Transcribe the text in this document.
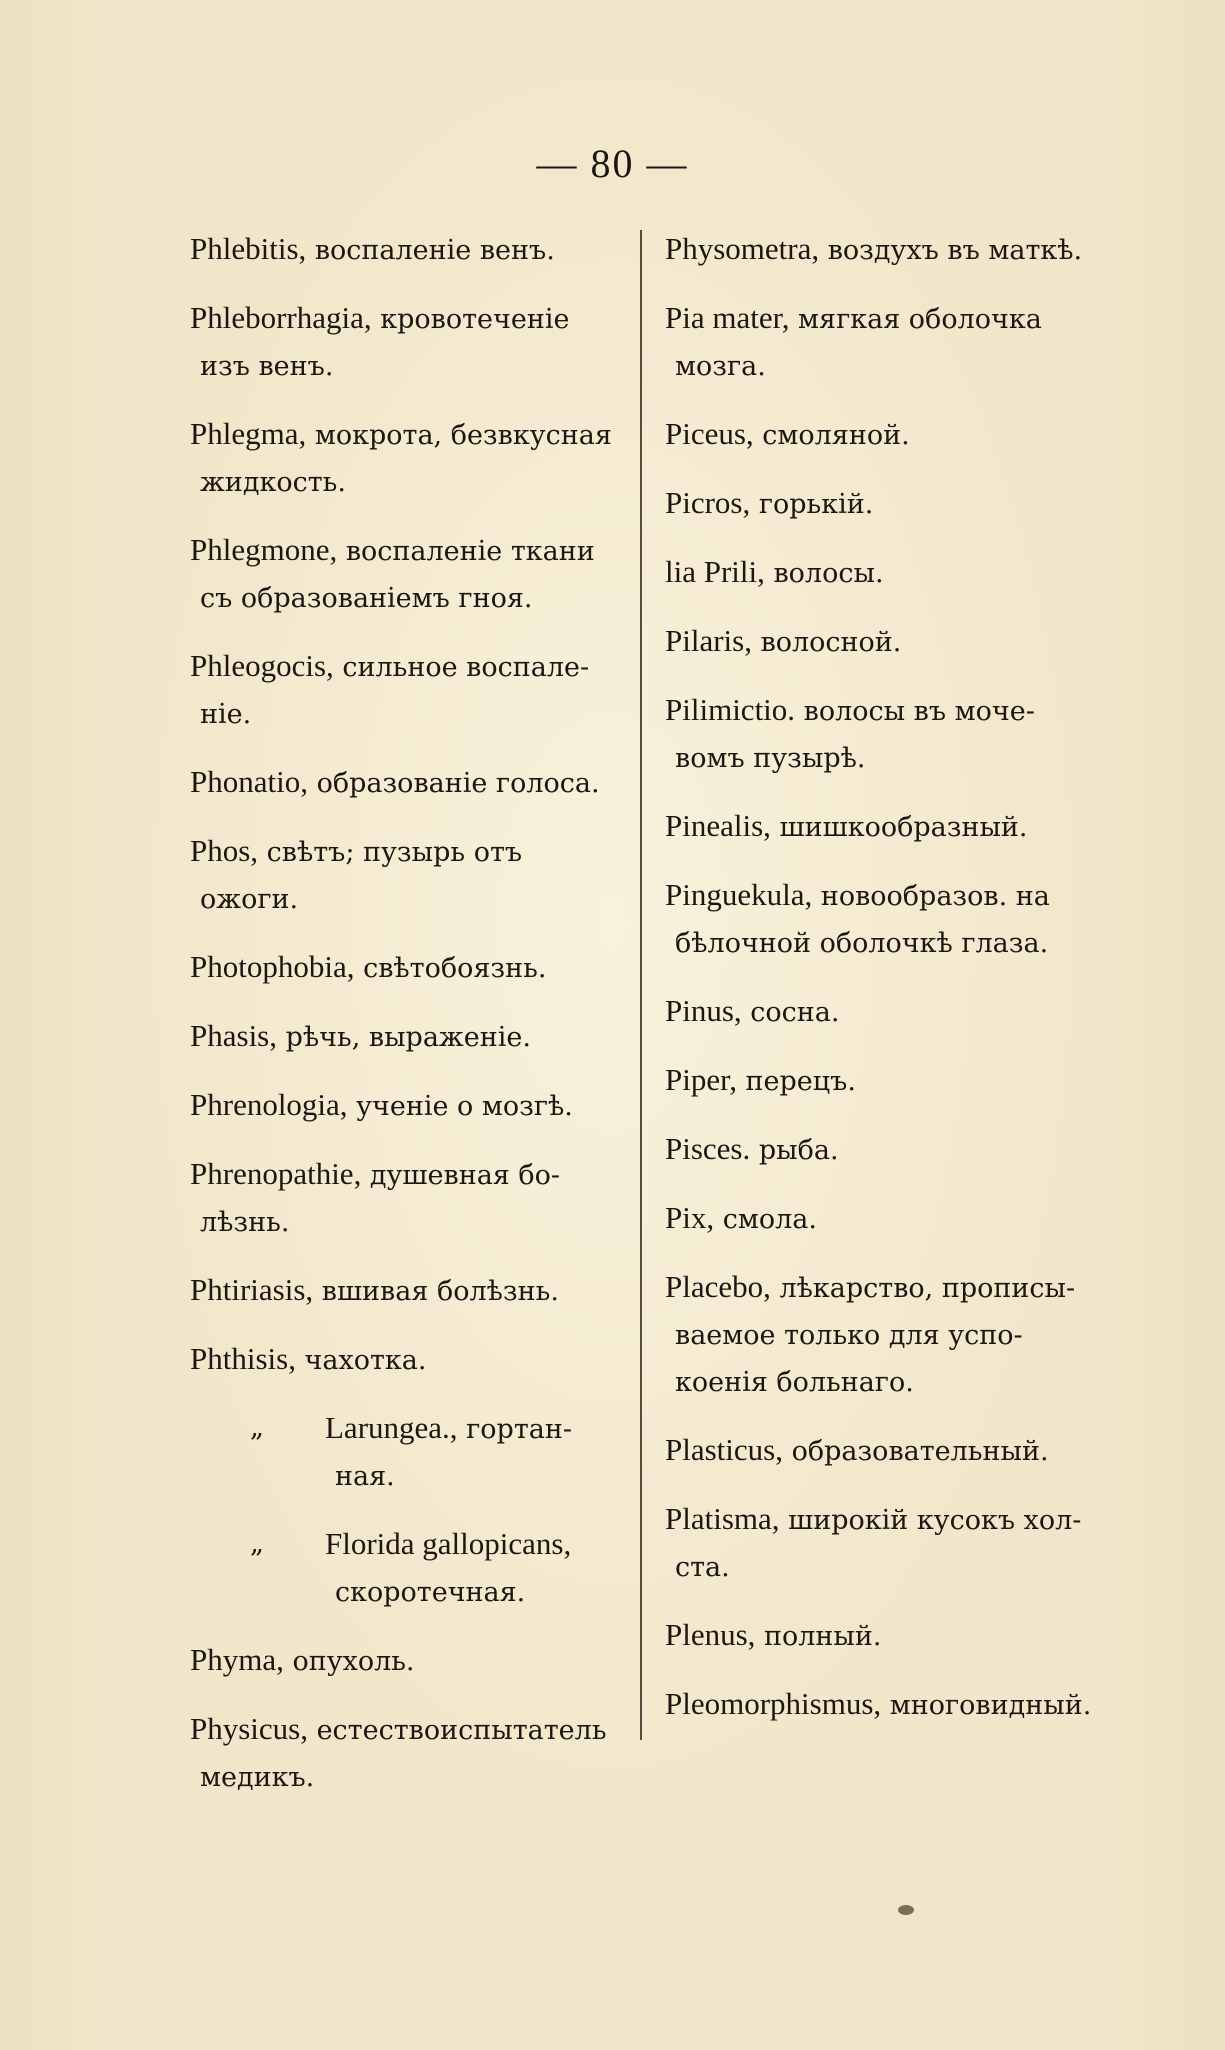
— 80 —
Phlebitis, воспаленіе венъ.
Phleborrhagia, кровотеченіе
изъ венъ.
Phlegma, мокрота, безвкусная
жидкость.
Phlegmone, воспаленіе ткани
съ образованіемъ гноя.
Phleogocis, сильное воспале-
ніе.
Phonatio, образованіе голоса.
Phos, свѣтъ; пузырь отъ
ожоги.
Photophobia, свѣтобоязнь.
Phasis, рѣчь, выраженіе.
Phrenologia, ученіе о мозгѣ.
Phrenopathie, душевная бо-
лѣзнь.
Phtiriasis, вшивая болѣзнь.
Phthisis, чахотка.
„	Larungea., гортан-
ная.
„	Florida gallopicans,
скоротечная.
Phyma, опухоль.
Physicus, естествоиспытатель
медикъ.
Physometra, воздухъ въ маткѣ.
Pia mater, мягкая оболочка
мозга.
Piceus, смоляной.
Picros, горькій.
lia Prili, волосы.
Pilaris, волосной.
Pilimictio. волосы въ моче-
вомъ пузырѣ.
Pinealis, шишкообразный.
Pinguekula, новообразов. на
бѣлочной оболочкѣ глаза.
Pinus, сосна.
Piper, перецъ.
Pisces. рыба.
Pix, смола.
Placebo, лѣкарство, прописы-
ваемое только для успо-
коенія больнаго.
Plasticus, образовательный.
Platisma, широкій кусокъ хол-
ста.
Plenus, полный.
Pleomorphismus, многовидный.
